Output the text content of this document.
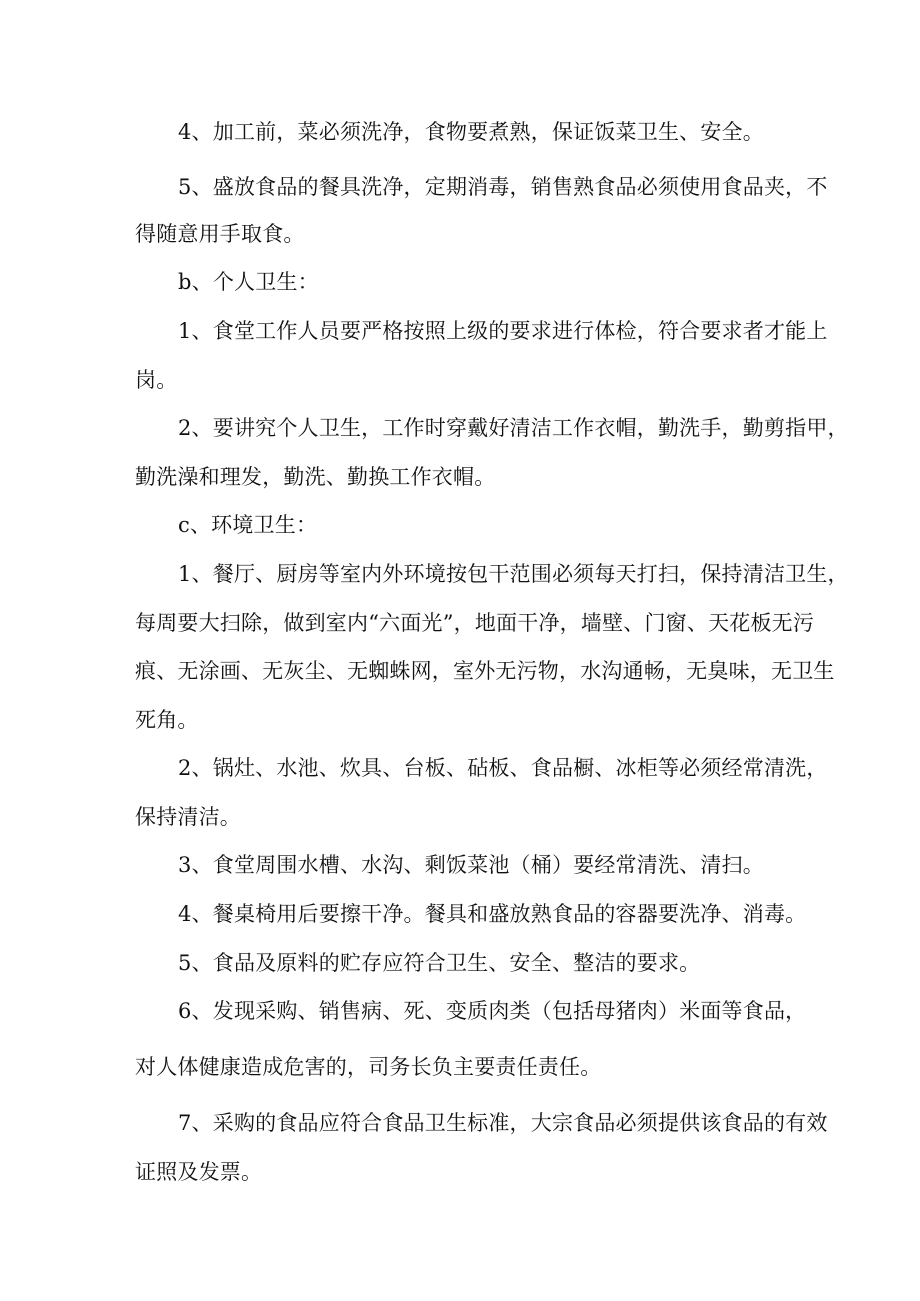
4、加工前，菜必须洗净，食物要煮熟，保证饭菜卫生、安全。
5、盛放食品的餐具洗净，定期消毒，销售熟食品必须使用食品夹，不
得随意用手取食。
b、个人卫生：
1、食堂工作人员要严格按照上级的要求进行体检，符合要求者才能上
岗。
2、要讲究个人卫生，工作时穿戴好清洁工作衣帽，勤洗手，勤剪指甲，
勤洗澡和理发，勤洗、勤换工作衣帽。
c、环境卫生：
1、餐厅、厨房等室内外环境按包干范围必须每天打扫，保持清洁卫生，
每周要大扫除，做到室内“六面光”，地面干净，墙壁、门窗、天花板无污
痕、无涂画、无灰尘、无蜘蛛网，室外无污物，水沟通畅，无臭味，无卫生
死角。
2、锅灶、水池、炊具、台板、砧板、食品橱、冰柜等必须经常清洗，
保持清洁。
3、食堂周围水槽、水沟、剩饭菜池（桶）要经常清洗、清扫。
4、餐桌椅用后要擦干净。餐具和盛放熟食品的容器要洗净、消毒。
5、食品及原料的贮存应符合卫生、安全、整洁的要求。
6、发现采购、销售病、死、变质肉类（包括母猪肉）米面等食品，
对人体健康造成危害的，司务长负主要责任责任。
7、采购的食品应符合食品卫生标准，大宗食品必须提供该食品的有效
证照及发票。
